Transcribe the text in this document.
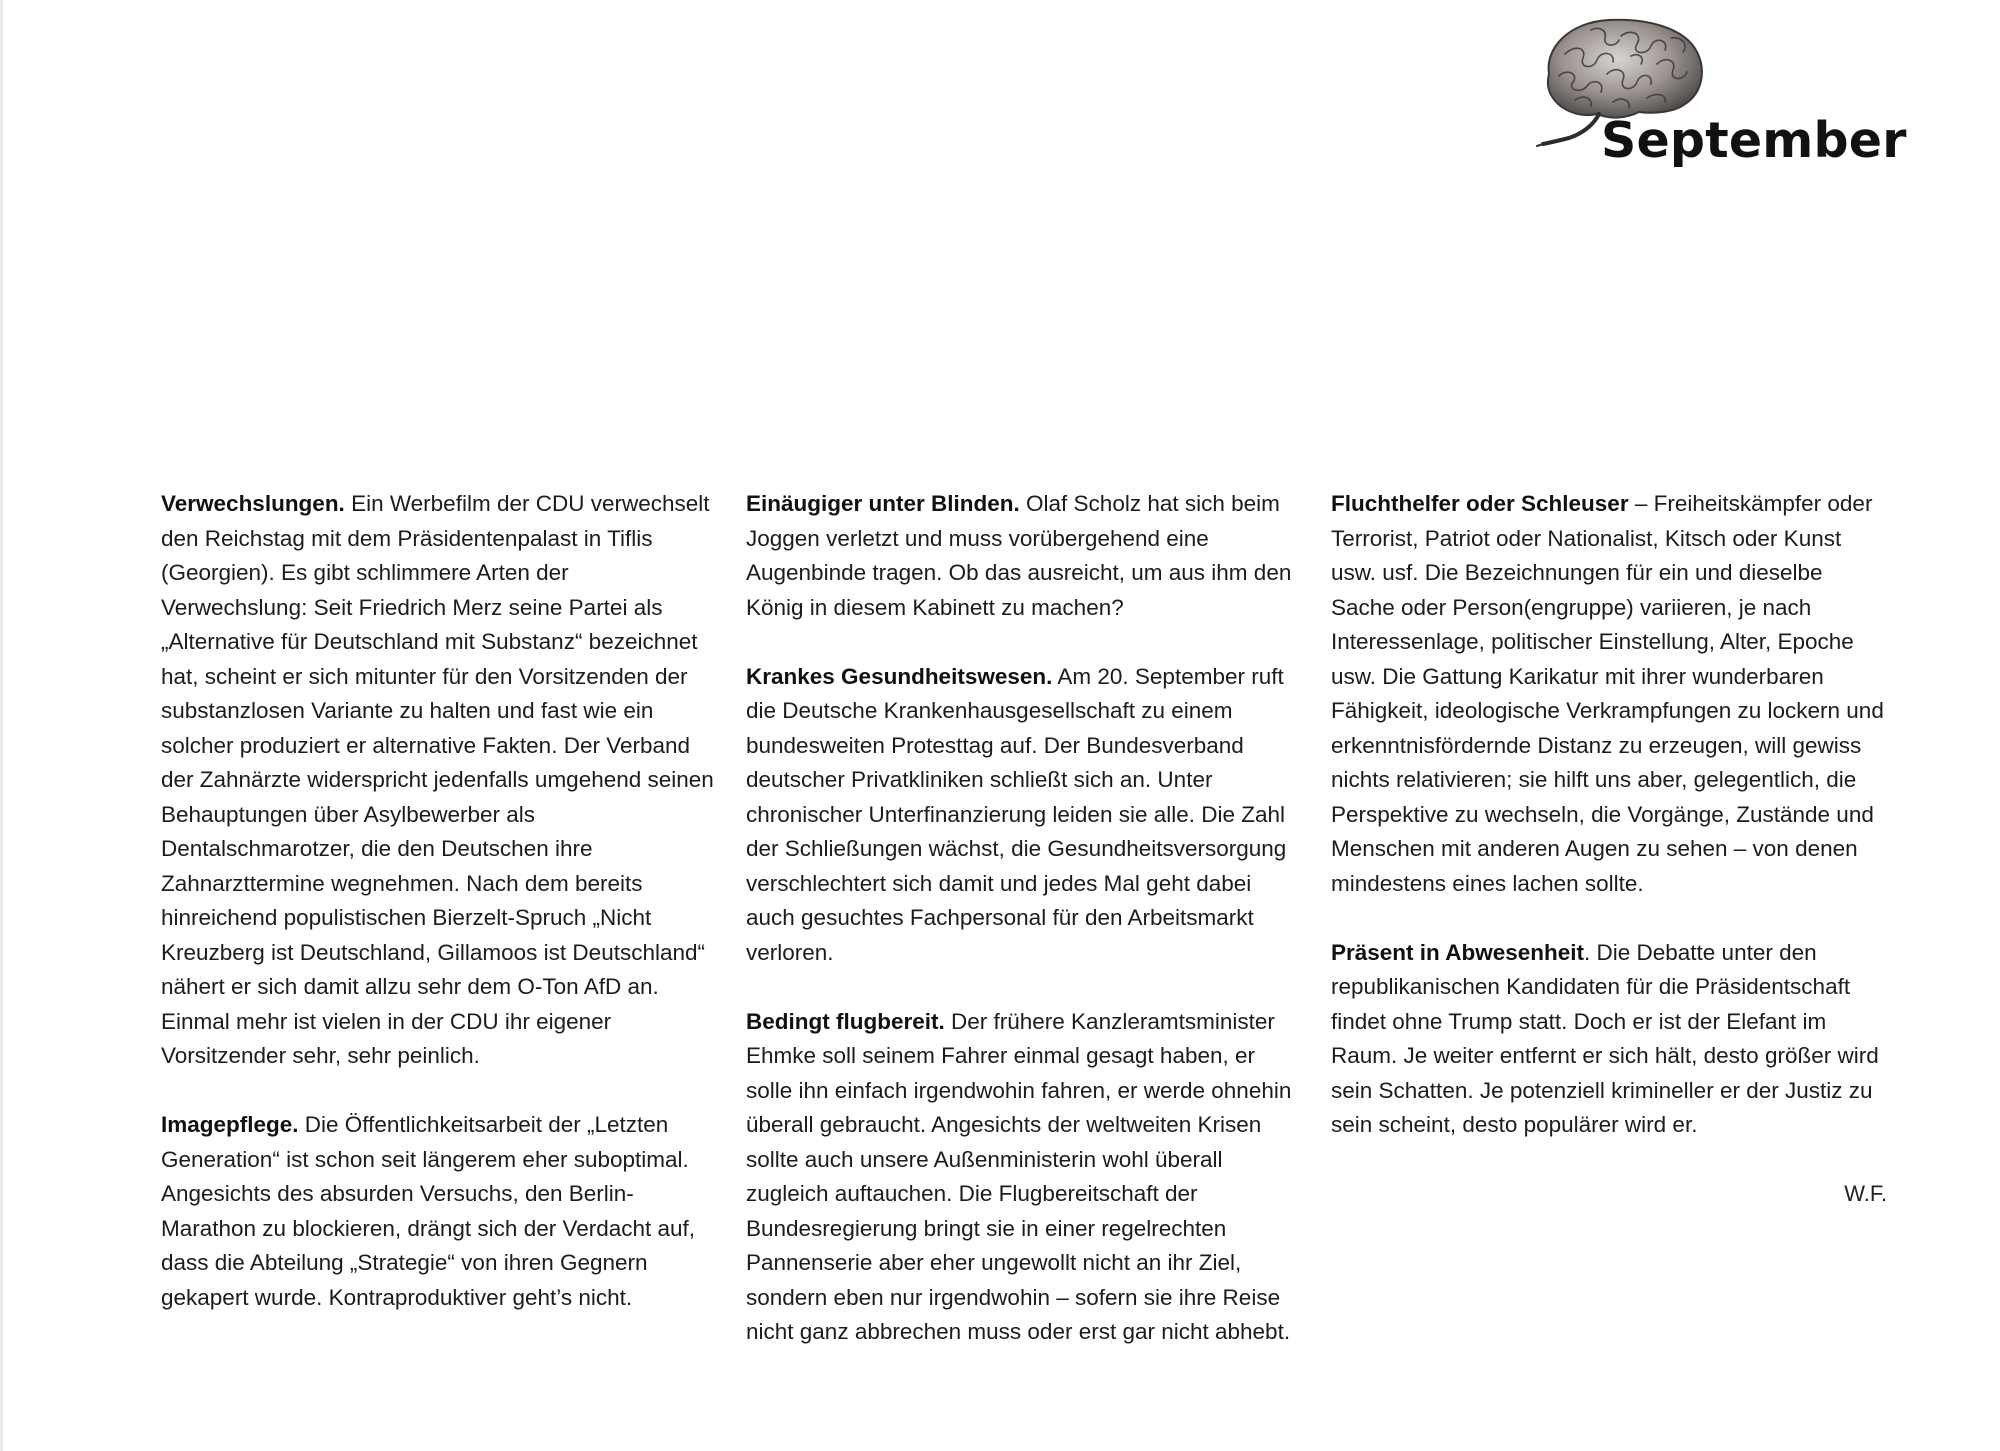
September

Verwechslungen. Ein Werbefilm der CDU verwechselt den Reichstag mit dem Präsidentenpalast in Tiflis (Georgien). Es gibt schlimmere Arten der Verwechslung: Seit Friedrich Merz seine Partei als „Alternative für Deutschland mit Substanz“ bezeichnet hat, scheint er sich mitunter für den Vorsitzenden der substanzlosen Variante zu halten und fast wie ein solcher produziert er alternative Fakten. Der Verband der Zahnärzte widerspricht jedenfalls umgehend seinen Behauptungen über Asylbewerber als Dentalschmarotzer, die den Deutschen ihre Zahnarzttermine wegnehmen. Nach dem bereits hinreichend populistischen Bierzelt-Spruch „Nicht Kreuzberg ist Deutschland, Gillamoos ist Deutschland“ nähert er sich damit allzu sehr dem O-Ton AfD an. Einmal mehr ist vielen in der CDU ihr eigener Vorsitzender sehr, sehr peinlich.

Imagepflege. Die Öffentlichkeitsarbeit der „Letzten Generation“ ist schon seit längerem eher suboptimal. Angesichts des absurden Versuchs, den Berlin-Marathon zu blockieren, drängt sich der Verdacht auf, dass die Abteilung „Strategie“ von ihren Gegnern gekapert wurde. Kontraproduktiver geht’s nicht.

Einäugiger unter Blinden. Olaf Scholz hat sich beim Joggen verletzt und muss vorübergehend eine Augenbinde tragen. Ob das ausreicht, um aus ihm den König in diesem Kabinett zu machen?

Krankes Gesundheitswesen. Am 20. September ruft die Deutsche Krankenhausgesellschaft zu einem bundesweiten Protesttag auf. Der Bundesverband deutscher Privatkliniken schließt sich an. Unter chronischer Unterfinanzierung leiden sie alle. Die Zahl der Schließungen wächst, die Gesundheitsversorgung verschlechtert sich damit und jedes Mal geht dabei auch gesuchtes Fachpersonal für den Arbeitsmarkt verloren.

Bedingt flugbereit. Der frühere Kanzleramtsminister Ehmke soll seinem Fahrer einmal gesagt haben, er solle ihn einfach irgendwohin fahren, er werde ohnehin überall gebraucht. Angesichts der weltweiten Krisen sollte auch unsere Außenministerin wohl überall zugleich auftauchen. Die Flugbereitschaft der Bundesregierung bringt sie in einer regelrechten Pannenserie aber eher ungewollt nicht an ihr Ziel, sondern eben nur irgendwohin – sofern sie ihre Reise nicht ganz abbrechen muss oder erst gar nicht abhebt.

Fluchthelfer oder Schleuser – Freiheitskämpfer oder Terrorist, Patriot oder Nationalist, Kitsch oder Kunst usw. usf. Die Bezeichnungen für ein und dieselbe Sache oder Person(engruppe) variieren, je nach Interessenlage, politischer Einstellung, Alter, Epoche usw. Die Gattung Karikatur mit ihrer wunderbaren Fähigkeit, ideologische Verkrampfungen zu lockern und erkenntnisfördernde Distanz zu erzeugen, will gewiss nichts relativieren; sie hilft uns aber, gelegentlich, die Perspektive zu wechseln, die Vorgänge, Zustände und Menschen mit anderen Augen zu sehen – von denen mindestens eines lachen sollte.

Präsent in Abwesenheit. Die Debatte unter den republikanischen Kandidaten für die Präsidentschaft findet ohne Trump statt. Doch er ist der Elefant im Raum. Je weiter entfernt er sich hält, desto größer wird sein Schatten. Je potenziell krimineller er der Justiz zu sein scheint, desto populärer wird er.

W.F.
